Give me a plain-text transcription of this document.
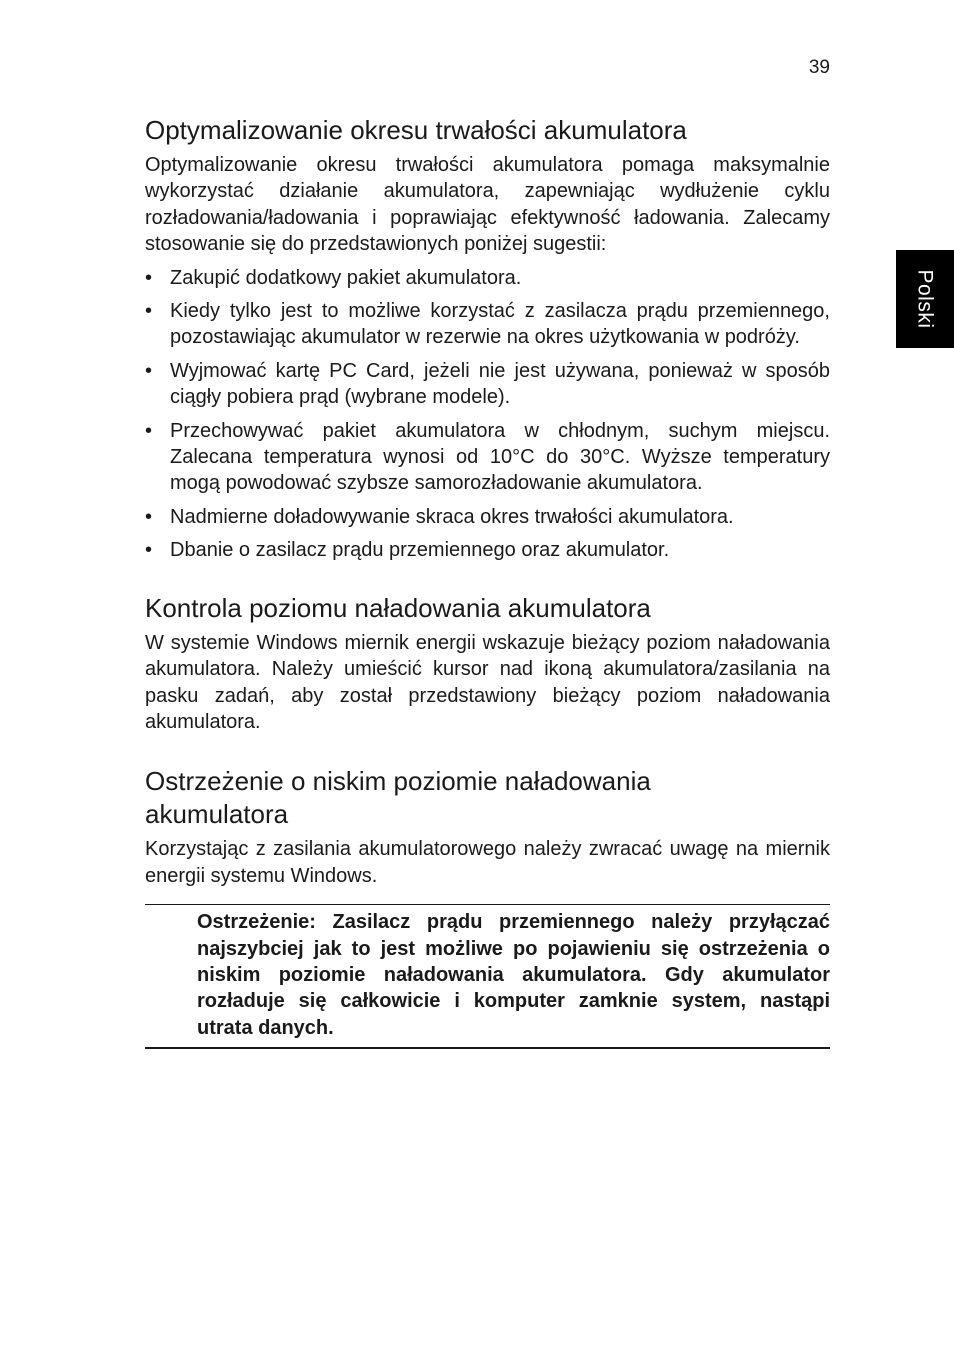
39
Polski
Optymalizowanie okresu trwałości akumulatora

Optymalizowanie okresu trwałości akumulatora pomaga maksymalnie wykorzystać działanie akumulatora, zapewniając wydłużenie cyklu rozładowania/ładowania i poprawiając efektywność ładowania. Zalecamy stosowanie się do przedstawionych poniżej sugestii:

• Zakupić dodatkowy pakiet akumulatora.
• Kiedy tylko jest to możliwe korzystać z zasilacza prądu przemiennego, pozostawiając akumulator w rezerwie na okres użytkowania w podróży.
• Wyjmować kartę PC Card, jeżeli nie jest używana, ponieważ w sposób ciągły pobiera prąd (wybrane modele).
• Przechowywać pakiet akumulatora w chłodnym, suchym miejscu. Zalecana temperatura wynosi od 10°C do 30°C. Wyższe temperatury mogą powodować szybsze samorozładowanie akumulatora.
• Nadmierne doładowywanie skraca okres trwałości akumulatora.
• Dbanie o zasilacz prądu przemiennego oraz akumulator.
Kontrola poziomu naładowania akumulatora

W systemie Windows miernik energii wskazuje bieżący poziom naładowania akumulatora. Należy umieścić kursor nad ikoną akumulatora/zasilania na pasku zadań, aby został przedstawiony bieżący poziom naładowania akumulatora.

Ostrzeżenie o niskim poziomie naładowania
akumulatora

Korzystając z zasilania akumulatorowego należy zwracać uwagę na miernik energii systemu Windows.

Ostrzeżenie: Zasilacz prądu przemiennego należy przyłączać najszybciej jak to jest możliwe po pojawieniu się ostrzeżenia o niskim poziomie naładowania akumulatora. Gdy akumulator rozładuje się całkowicie i komputer zamknie system, nastąpi utrata danych.
